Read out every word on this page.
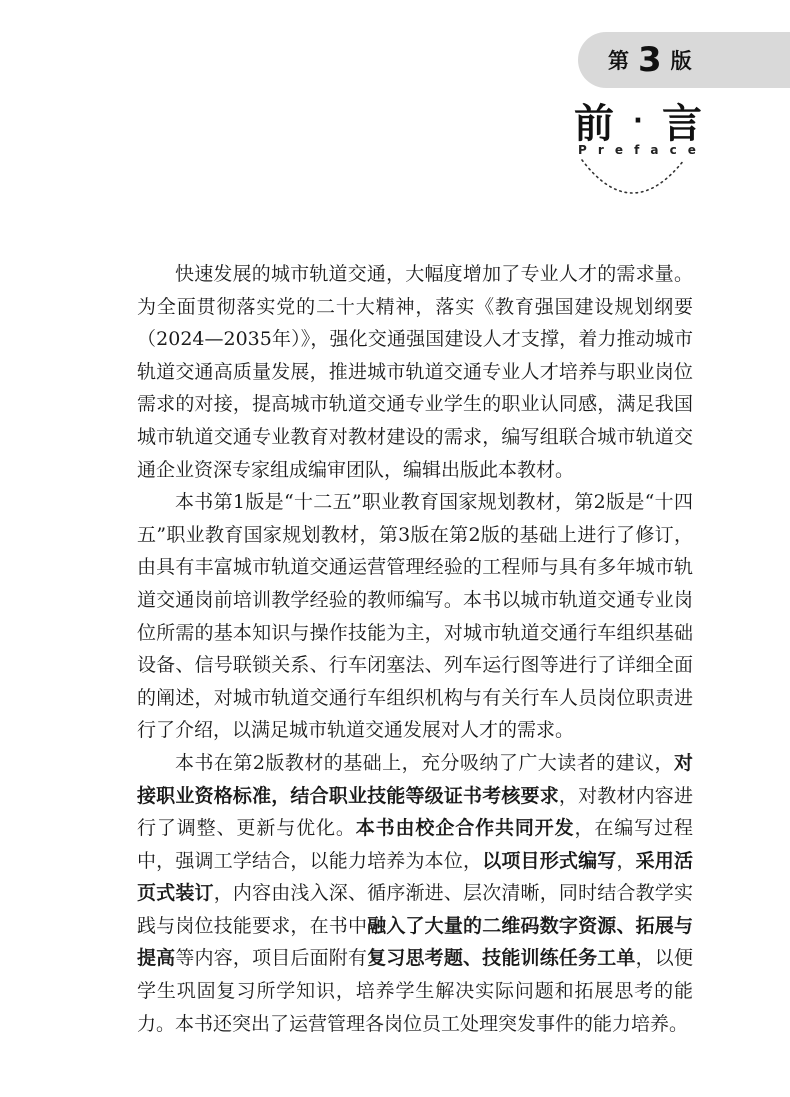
第 3 版
前 · 言
P r e f a c e

快速发展的城市轨道交通，大幅度增加了专业人才的需求量。为全面贯彻落实党的二十大精神，落实《教育强国建设规划纲要（2024—2035年）》，强化交通强国建设人才支撑，着力推动城市轨道交通高质量发展，推进城市轨道交通专业人才培养与职业岗位需求的对接，提高城市轨道交通专业学生的职业认同感，满足我国城市轨道交通专业教育对教材建设的需求，编写组联合城市轨道交通企业资深专家组成编审团队，编辑出版此本教材。

本书第1版是“十二五”职业教育国家规划教材，第2版是“十四五”职业教育国家规划教材，第3版在第2版的基础上进行了修订，由具有丰富城市轨道交通运营管理经验的工程师与具有多年城市轨道交通岗前培训教学经验的教师编写。本书以城市轨道交通专业岗位所需的基本知识与操作技能为主，对城市轨道交通行车组织基础设备、信号联锁关系、行车闭塞法、列车运行图等进行了详细全面的阐述，对城市轨道交通行车组织机构与有关行车人员岗位职责进行了介绍，以满足城市轨道交通发展对人才的需求。

本书在第2版教材的基础上，充分吸纳了广大读者的建议，对接职业资格标准，结合职业技能等级证书考核要求，对教材内容进行了调整、更新与优化。本书由校企合作共同开发，在编写过程中，强调工学结合，以能力培养为本位，以项目形式编写，采用活页式装订，内容由浅入深、循序渐进、层次清晰，同时结合教学实践与岗位技能要求，在书中融入了大量的二维码数字资源、拓展与提高等内容，项目后面附有复习思考题、技能训练任务工单，以便学生巩固复习所学知识，培养学生解决实际问题和拓展思考的能力。本书还突出了运营管理各岗位员工处理突发事件的能力培养。
